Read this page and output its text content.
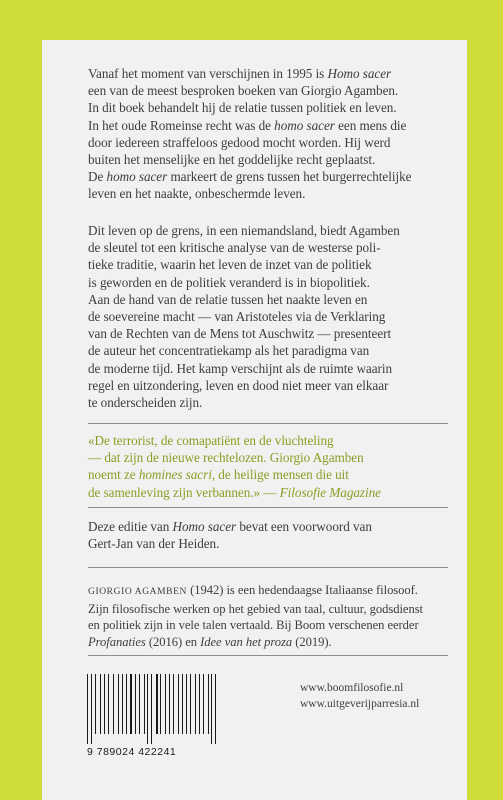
Vanaf het moment van verschijnen in 1995 is Homo sacer
een van de meest besproken boeken van Giorgio Agamben.
In dit boek behandelt hij de relatie tussen politiek en leven.
In het oude Romeinse recht was de homo sacer een mens die
door iedereen straffeloos gedood mocht worden. Hij werd
buiten het menselijke en het goddelijke recht geplaatst.
De homo sacer markeert de grens tussen het burgerrechtelijke
leven en het naakte, onbeschermde leven.

Dit leven op de grens, in een niemandsland, biedt Agamben
de sleutel tot een kritische analyse van de westerse poli-
tieke traditie, waarin het leven de inzet van de politiek
is geworden en de politiek veranderd is in biopolitiek.
Aan de hand van de relatie tussen het naakte leven en
de soevereine macht — van Aristoteles via de Verklaring
van de Rechten van de Mens tot Auschwitz — presenteert
de auteur het concentratiekamp als het paradigma van
de moderne tijd. Het kamp verschijnt als de ruimte waarin
regel en uitzondering, leven en dood niet meer van elkaar
te onderscheiden zijn.

«De terrorist, de comapatiënt en de vluchteling
— dat zijn de nieuwe rechtelozen. Giorgio Agamben
noemt ze homines sacri, de heilige mensen die uit
de samenleving zijn verbannen.» — Filosofie Magazine

Deze editie van Homo sacer bevat een voorwoord van
Gert-Jan van der Heiden.

GIORGIO AGAMBEN (1942) is een hedendaagse Italiaanse filosoof.
Zijn filosofische werken op het gebied van taal, cultuur, godsdienst
en politiek zijn in vele talen vertaald. Bij Boom verschenen eerder
Profanaties (2016) en Idee van het proza (2019).

9 789024 422241
www.boomfilosofie.nl
www.uitgeverijparresia.nl
